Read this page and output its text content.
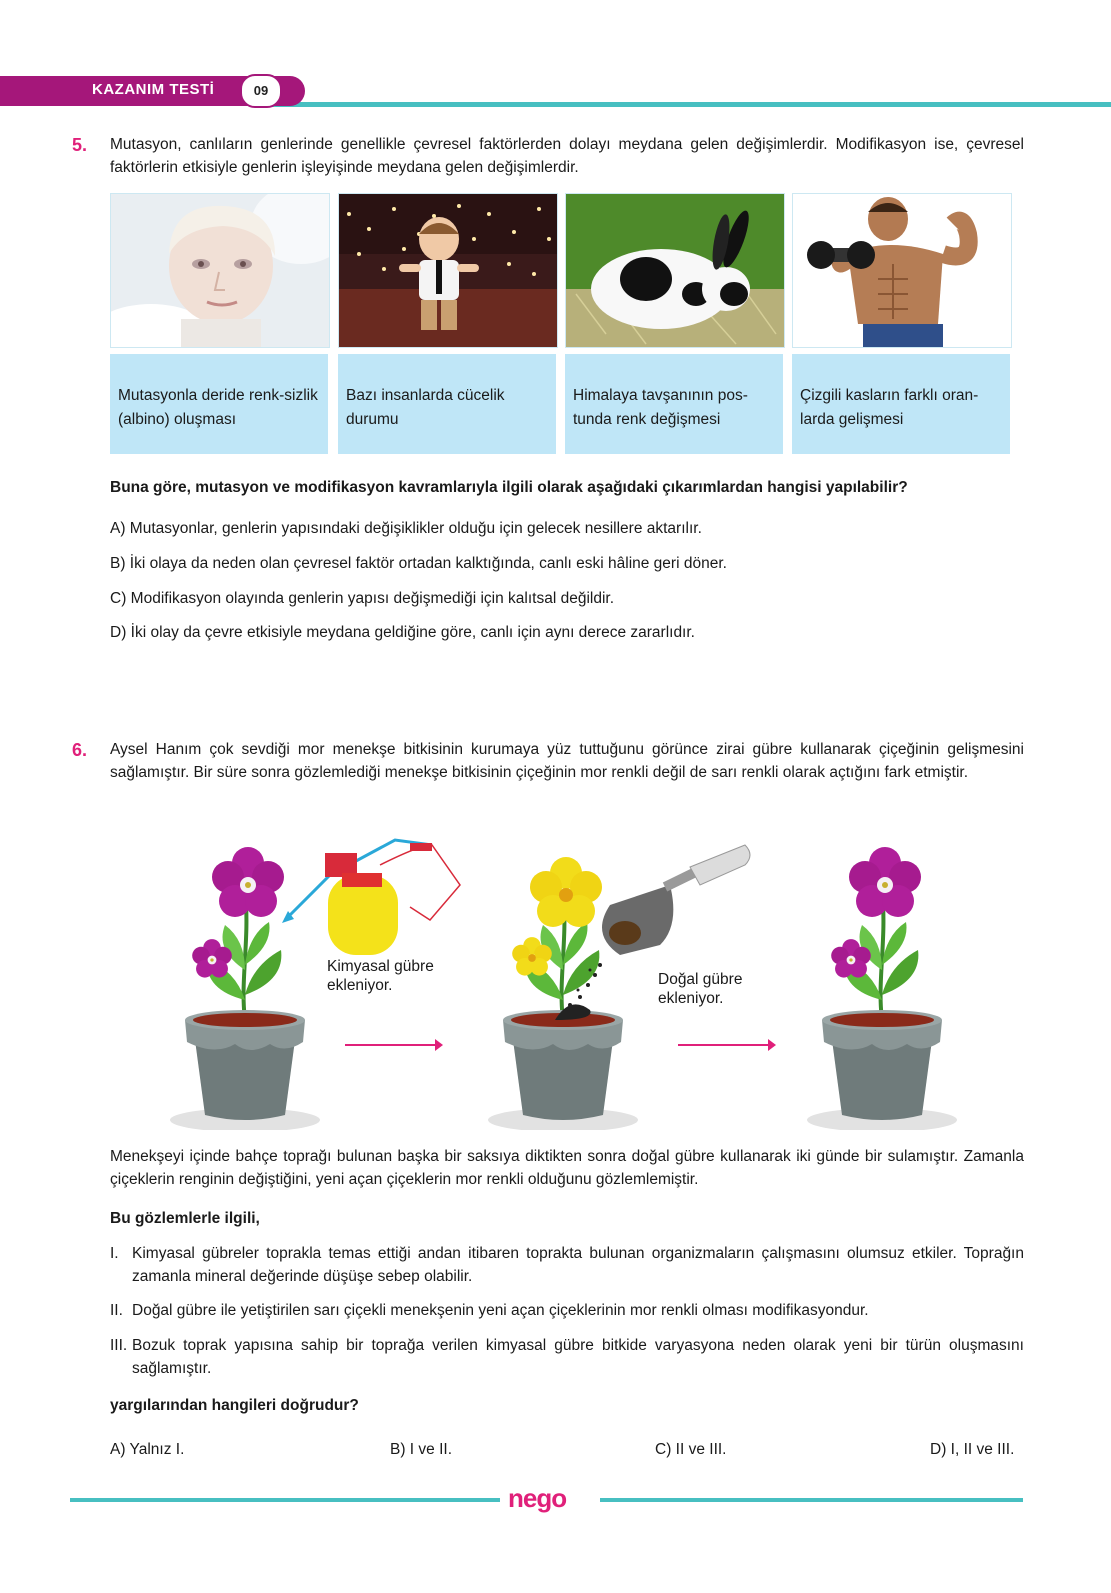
KAZANIM TESTİ	09
5. Mutasyon, canlıların genlerinde genellikle çevresel faktörlerden dolayı meydana gelen değişimlerdir. Modifikasyon ise, çevresel faktörlerin etkisiyle genlerin işleyişinde meydana gelen değişimlerdir.
Mutasyonla deride renk-sizlik (albino) oluşması
Bazı insanlarda cücelik durumu
Himalaya tavşanının pos-tunda renk değişmesi
Çizgili kasların farklı oran-larda gelişmesi
Buna göre, mutasyon ve modifikasyon kavramlarıyla ilgili olarak aşağıdaki çıkarımlardan hangisi yapılabilir?
A) Mutasyonlar, genlerin yapısındaki değişiklikler olduğu için gelecek nesillere aktarılır.
B) İki olaya da neden olan çevresel faktör ortadan kalktığında, canlı eski hâline geri döner.
C) Modifikasyon olayında genlerin yapısı değişmediği için kalıtsal değildir.
D) İki olay da çevre etkisiyle meydana geldiğine göre, canlı için aynı derece zararlıdır.
6. Aysel Hanım çok sevdiği mor menekşe bitkisinin kurumaya yüz tuttuğunu görünce zirai gübre kullanarak çiçeğinin gelişmesini sağlamıştır. Bir süre sonra gözlemlediği menekşe bitkisinin çiçeğinin mor renkli değil de sarı renkli olarak açtığını fark etmiştir.
Kimyasal gübre
ekleniyor.	Doğal gübre
ekleniyor.
Menekşeyi içinde bahçe toprağı bulunan başka bir saksıya diktikten sonra doğal gübre kullanarak iki günde bir sulamıştır. Zamanla çiçeklerin renginin değiştiğini, yeni açan çiçeklerin mor renkli olduğunu gözlemlemiştir.
Bu gözlemlerle ilgili,
I. Kimyasal gübreler toprakla temas ettiği andan itibaren toprakta bulunan organizmaların çalışmasını olumsuz etkiler. Toprağın zamanla mineral değerinde düşüşe sebep olabilir.
II. Doğal gübre ile yetiştirilen sarı çiçekli menekşenin yeni açan çiçeklerinin mor renkli olması modifikasyondur.
III. Bozuk toprak yapısına sahip bir toprağa verilen kimyasal gübre bitkide varyasyona neden olarak yeni bir türün oluşmasını sağlamıştır.
yargılarından hangileri doğrudur?
A) Yalnız I.	B) I ve II.	C) II ve III.	D) I, II ve III.
nego
